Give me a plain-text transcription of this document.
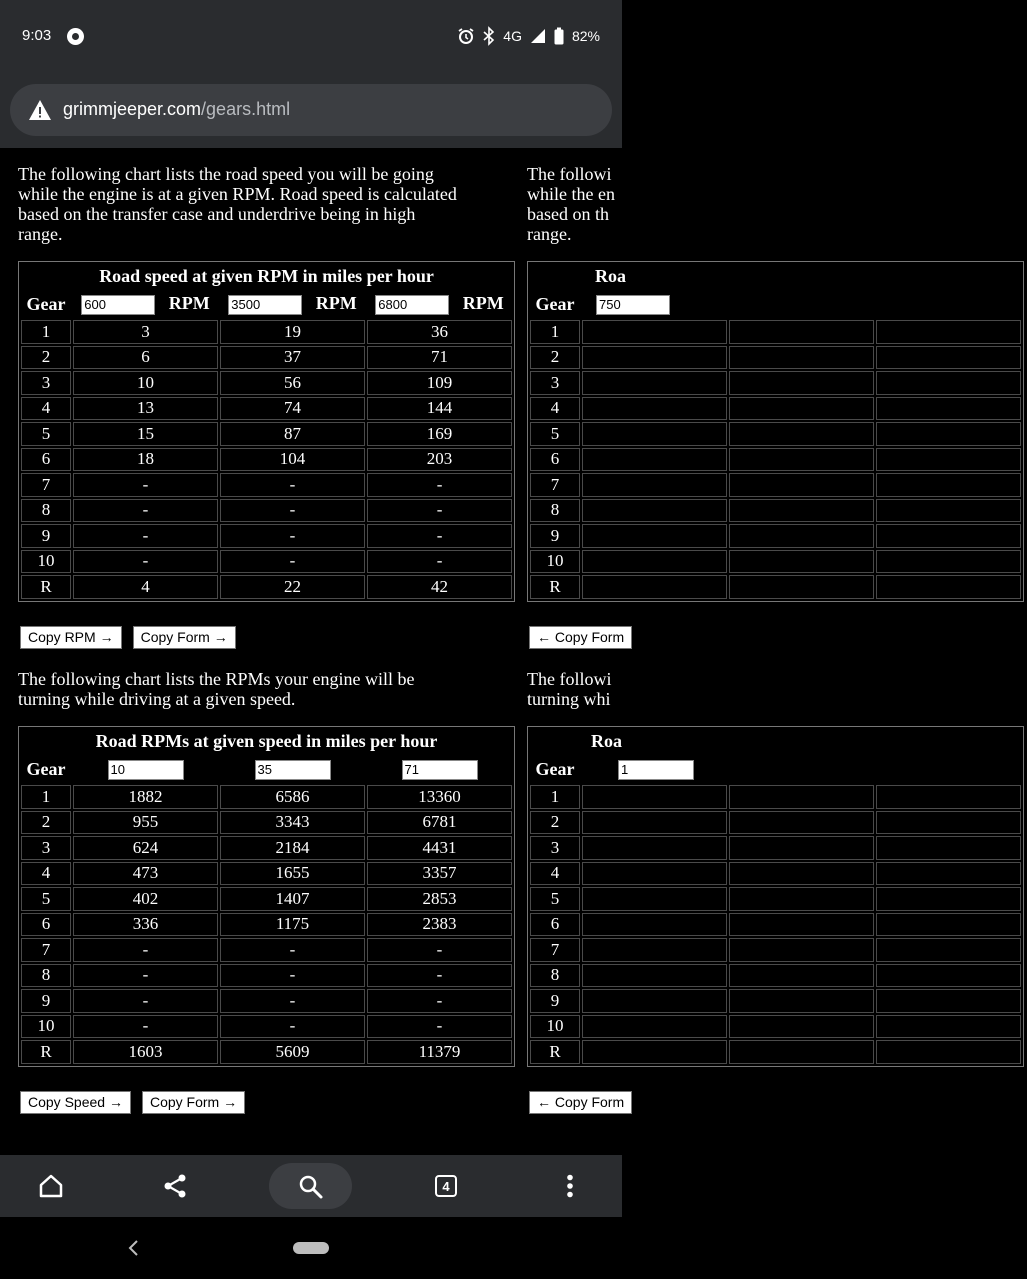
9:03	4G	82%
grimmjeeper.com/gears.html
The following chart lists the road speed you will be going
while the engine is at a given RPM. Road speed is calculated
based on the transfer case and underdrive being in high
range.
Road speed at given RPM in miles per hour			
Gear	600 RPM	3500 RPM	6800 RPM
1	3	19	36
2	6	37	71
3	10	56	109
4	13	74	144
5	15	87	169
6	18	104	203
7	-	-	-
8	-	-	-
9	-	-	-
10	-	-	-
R	4	22	42
Copy RPM →	Copy Form →
The following chart lists the RPMs your engine will be
turning while driving at a given speed.
Road RPMs at given speed in miles per hour			
Gear	10	35	71
1	1882	6586	13360
2	955	3343	6781
3	624	2184	4431
4	473	1655	3357
5	402	1407	2853
6	336	1175	2383
7	-	-	-
8	-	-	-
9	-	-	-
10	-	-	-
R	1603	5609	11379
Copy Speed →	Copy Form →
The followi
while the en
based on th
range.
Roa			
Gear	750		
1			
2			
3			
4			
5			
6			
7			
8			
9			
10			
R			
← Copy Form
The followi
turning whi
Roa			
Gear	1		
1			
2			
3			
4			
5			
6			
7			
8			
9			
10			
R			
← Copy Form
4
